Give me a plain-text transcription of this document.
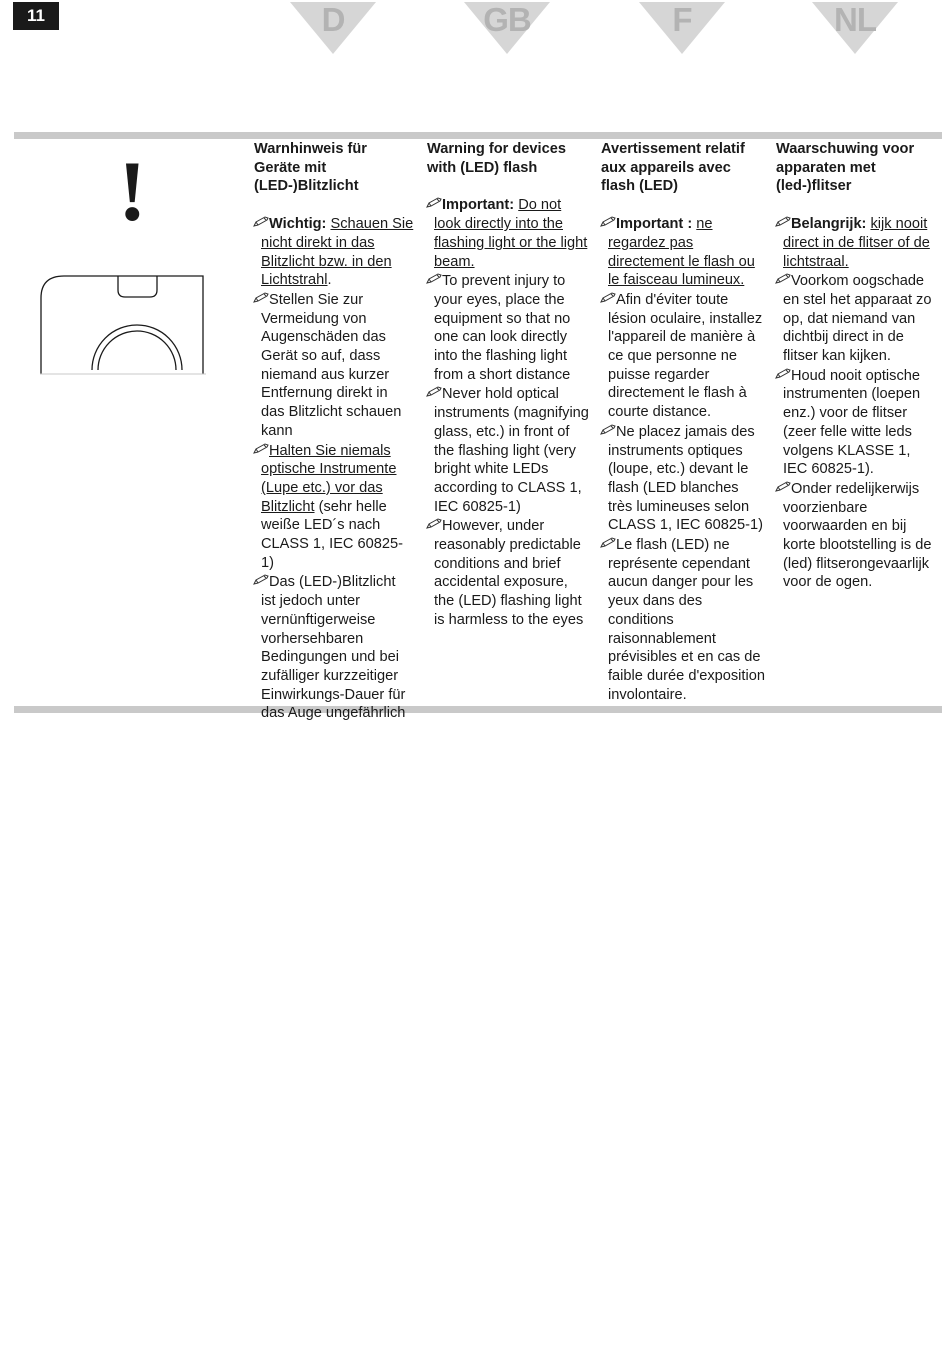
11	D	GB	F	NL
!	Warnhinweis für Geräte mit (LED-)Blitzlicht
Wichtig: Schauen Sie nicht direkt in das Blitzlicht bzw. in den Lichtstrahl.
Stellen Sie zur Vermeidung von Augenschäden das Gerät so auf, dass niemand aus kurzer Entfernung direkt in das Blitzlicht schauen kann
Halten Sie niemals optische Instrumente (Lupe etc.) vor das Blitzlicht (sehr helle weiße LED´s nach CLASS 1, IEC 60825-1)
Das (LED-)Blitzlicht ist jedoch unter vernünftigerweise vorhersehbaren Bedingungen und bei zufälliger kurzzeitiger Einwirkungs-Dauer für das Auge ungefährlich
Warning for devices with (LED) flash
Important: Do not look directly into the flashing light or the light beam.
To prevent injury to your eyes, place the equipment so that no one can look directly into the flashing light from a short distance
Never hold optical instruments (magnifying glass, etc.) in front of the flashing light (very bright white LEDs according to CLASS 1, IEC 60825-1)
However, under reasonably predictable conditions and brief accidental exposure, the (LED) flashing light is harmless to the eyes
Avertissement relatif aux appareils avec flash (LED)
Important : ne regardez pas directement le flash ou le faisceau lumineux.
Afin d'éviter toute lésion oculaire, installez l'appareil de manière à ce que personne ne puisse regarder directement le flash à courte distance.
Ne placez jamais des instruments optiques (loupe, etc.) devant le flash (LED blanches très lumineuses selon CLASS 1, IEC 60825-1)
Le flash (LED) ne représente cependant aucun danger pour les yeux dans des conditions raisonnablement prévisibles et en cas de faible durée d'exposition involontaire.
Waarschuwing voor apparaten met (led-)flitser
Belangrijk: kijk nooit direct in de flitser of de lichtstraal.
Voorkom oogschade en stel het apparaat zo op, dat niemand van dichtbij direct in de flitser kan kijken.
Houd nooit optische instrumenten (loepen enz.) voor de flitser (zeer felle witte leds volgens KLASSE 1, IEC 60825-1).
Onder redelijkerwijs voorzienbare voorwaarden en bij korte blootstelling is de (led) flitserongevaarlijk voor de ogen.
